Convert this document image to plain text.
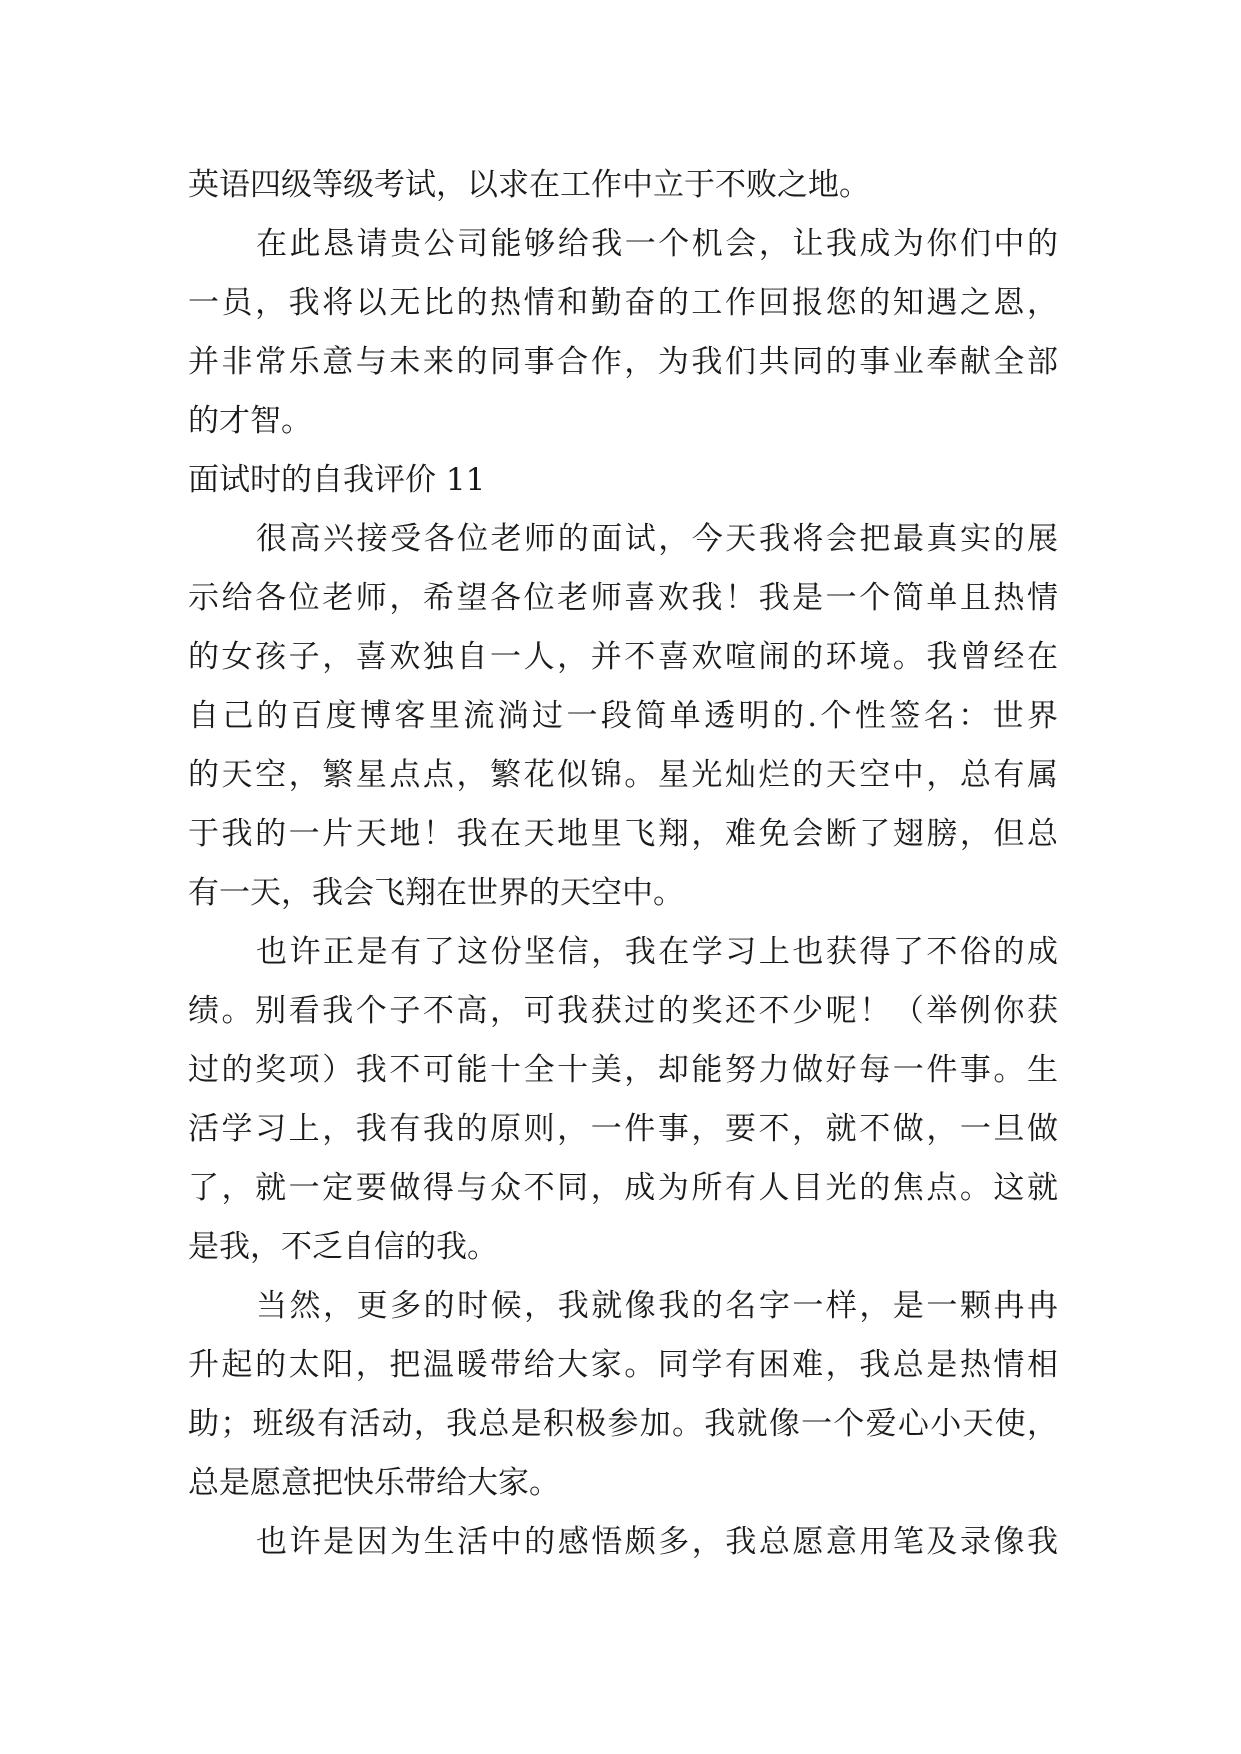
英语四级等级考试，以求在工作中立于不败之地。
在此恳请贵公司能够给我一个机会，让我成为你们中的
一员，我将以无比的热情和勤奋的工作回报您的知遇之恩，
并非常乐意与未来的同事合作，为我们共同的事业奉献全部
的才智。
面试时的自我评价 11
很高兴接受各位老师的面试，今天我将会把最真实的展
示给各位老师，希望各位老师喜欢我！我是一个简单且热情
的女孩子，喜欢独自一人，并不喜欢喧闹的环境。我曾经在
自己的百度博客里流淌过一段简单透明的.个性签名：世界
的天空，繁星点点，繁花似锦。星光灿烂的天空中，总有属
于我的一片天地！我在天地里飞翔，难免会断了翅膀，但总
有一天，我会飞翔在世界的天空中。
也许正是有了这份坚信，我在学习上也获得了不俗的成
绩。别看我个子不高，可我获过的奖还不少呢！（举例你获
过的奖项）我不可能十全十美，却能努力做好每一件事。生
活学习上，我有我的原则，一件事，要不，就不做，一旦做
了，就一定要做得与众不同，成为所有人目光的焦点。这就
是我，不乏自信的我。
当然，更多的时候，我就像我的名字一样，是一颗冉冉
升起的太阳，把温暖带给大家。同学有困难，我总是热情相
助；班级有活动，我总是积极参加。我就像一个爱心小天使，
总是愿意把快乐带给大家。
也许是因为生活中的感悟颇多，我总愿意用笔及录像我
